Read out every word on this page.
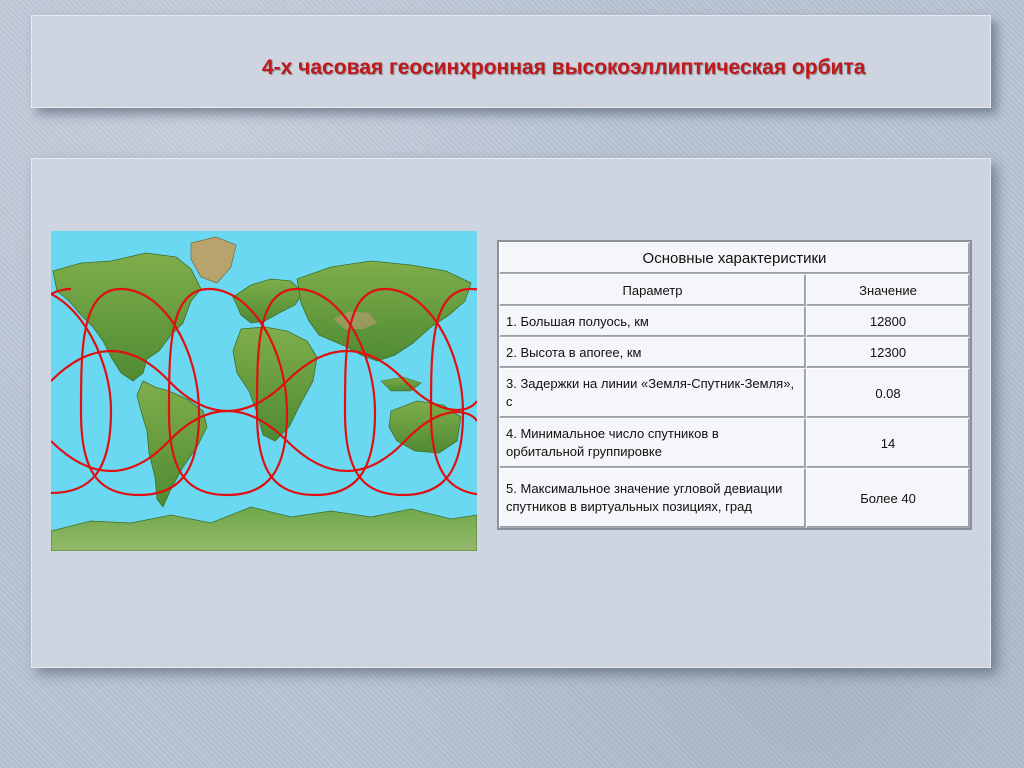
4-х часовая геосинхронная высокоэллиптическая орбита
Основные характеристики	
Параметр	Значение
1. Большая полуось, км	12800
2. Высота в апогее, км	12300
3. Задержки на линии «Земля-Спутник-Земля», с	0.08
4. Минимальное число спутников в орбитальной группировке	14
5. Максимальное значение угловой девиации спутников в виртуальных позициях, град	Более 40
